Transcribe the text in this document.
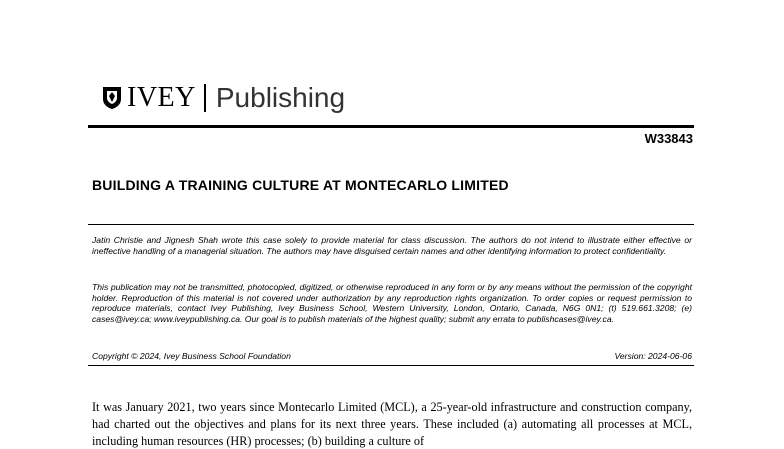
IVEY Publishing
W33843
BUILDING A TRAINING CULTURE AT MONTECARLO LIMITED
Jatin Christie and Jignesh Shah wrote this case solely to provide material for class discussion. The authors do not intend to illustrate either effective or ineffective handling of a managerial situation. The authors may have disguised certain names and other identifying information to protect confidentiality.
This publication may not be transmitted, photocopied, digitized, or otherwise reproduced in any form or by any means without the permission of the copyright holder. Reproduction of this material is not covered under authorization by any reproduction rights organization. To order copies or request permission to reproduce materials, contact Ivey Publishing, Ivey Business School, Western University, London, Ontario, Canada, N6G 0N1; (t) 519.661.3208; (e) cases@ivey.ca; www.iveypublishing.ca. Our goal is to publish materials of the highest quality; submit any errata to publishcases@ivey.ca.
Copyright © 2024, Ivey Business School Foundation	Version: 2024-06-06
It was January 2021, two years since Montecarlo Limited (MCL), a 25-year-old infrastructure and construction company, had charted out the objectives and plans for its next three years. These included (a) automating all processes at MCL, including human resources (HR) processes; (b) building a culture of
